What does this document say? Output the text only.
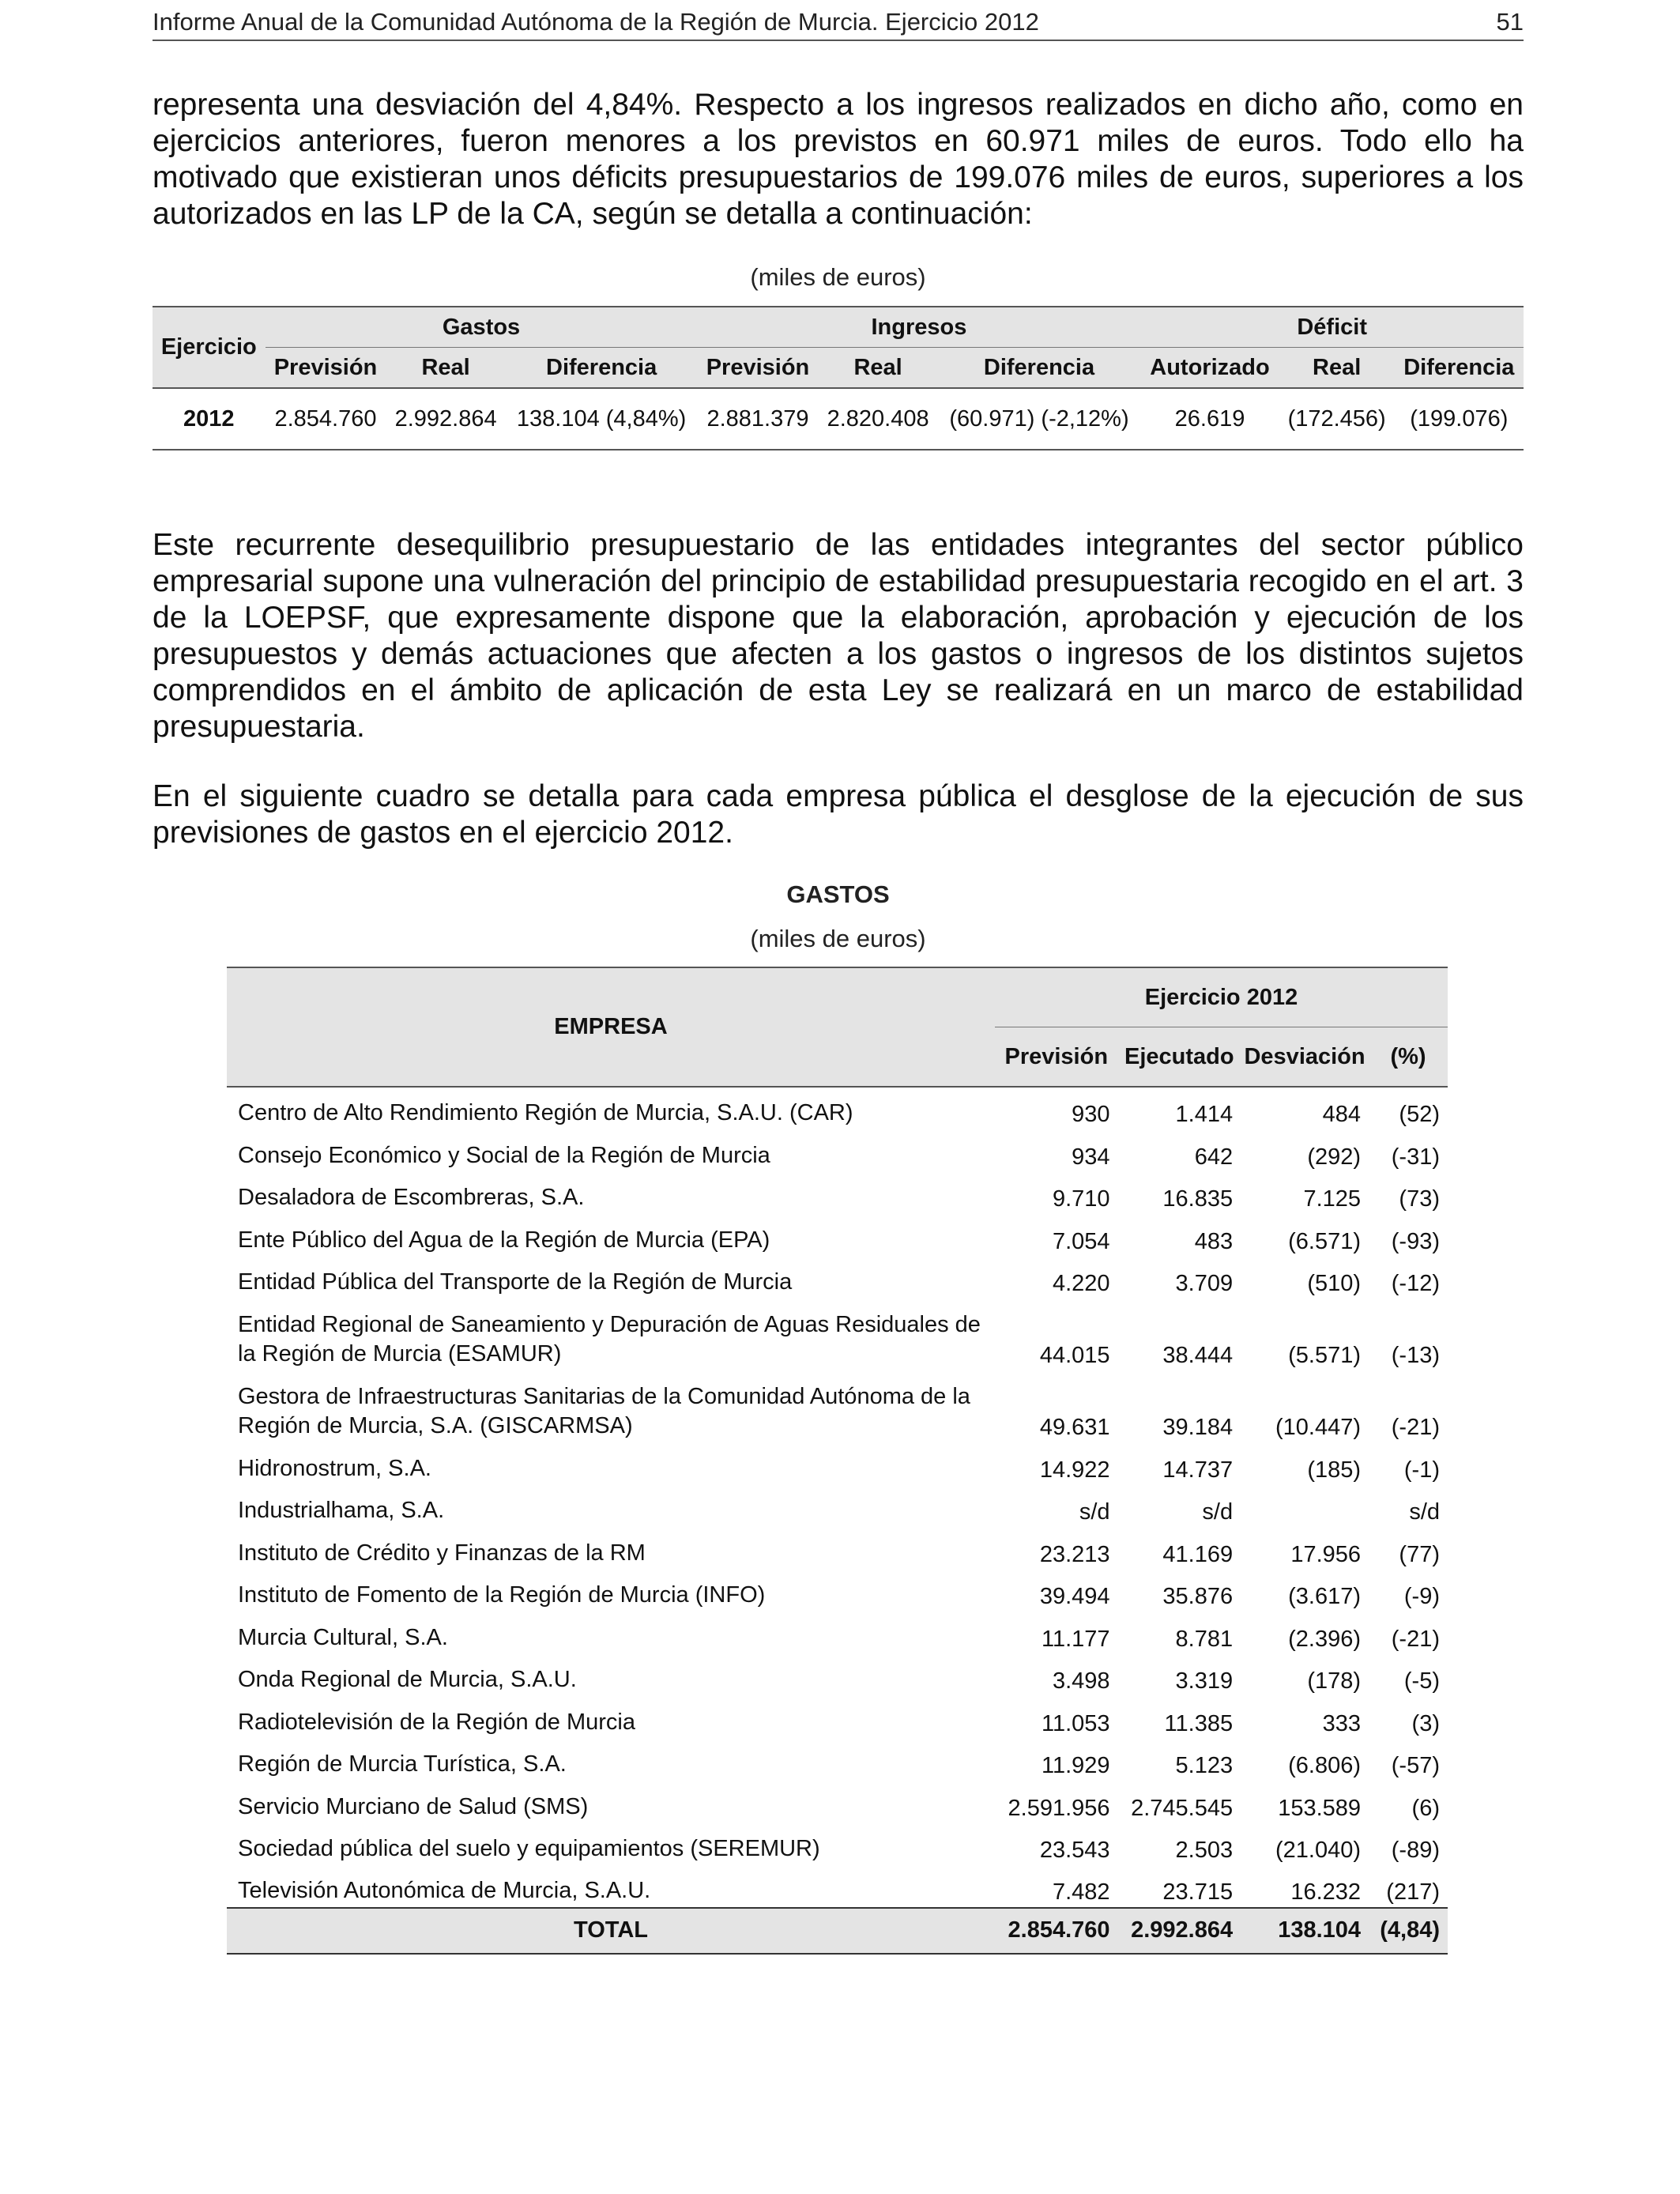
Informe Anual de la Comunidad Autónoma de la Región de Murcia. Ejercicio 2012	51

representa una desviación del 4,84%. Respecto a los ingresos realizados en dicho año, como en ejercicios anteriores, fueron menores a los previstos en 60.971 miles de euros. Todo ello ha motivado que existieran unos déficits presupuestarios de 199.076 miles de euros, superiores a los autorizados en las LP de la CA, según se detalla a continuación:

(miles de euros)
Ejercicio	Gastos			Ingresos			Déficit		
	Previsión	Real	Diferencia	Previsión	Real	Diferencia	Autorizado	Real	Diferencia
2012	2.854.760	2.992.864	138.104 (4,84%)	2.881.379	2.820.408	(60.971) (-2,12%)	26.619	(172.456)	(199.076)

Este recurrente desequilibrio presupuestario de las entidades integrantes del sector público empresarial supone una vulneración del principio de estabilidad presupuestaria recogido en el art. 3 de la LOEPSF, que expresamente dispone que la elaboración, aprobación y ejecución de los presupuestos y demás actuaciones que afecten a los gastos o ingresos de los distintos sujetos comprendidos en el ámbito de aplicación de esta Ley se realizará en un marco de estabilidad presupuestaria.

En el siguiente cuadro se detalla para cada empresa pública el desglose de la ejecución de sus previsiones de gastos en el ejercicio 2012.

GASTOS
(miles de euros)
EMPRESA	Ejercicio 2012			
	Previsión	Ejecutado	Desviación	(%)
Centro de Alto Rendimiento Región de Murcia, S.A.U. (CAR)	930	1.414	484	(52)
Consejo Económico y Social de la Región de Murcia	934	642	(292)	(-31)
Desaladora de Escombreras, S.A.	9.710	16.835	7.125	(73)
Ente Público del Agua de la Región de Murcia (EPA)	7.054	483	(6.571)	(-93)
Entidad Pública del Transporte de la Región de Murcia	4.220	3.709	(510)	(-12)
Entidad Regional de Saneamiento y Depuración de Aguas Residuales de la Región de Murcia (ESAMUR)	44.015	38.444	(5.571)	(-13)
Gestora de Infraestructuras Sanitarias de la Comunidad Autónoma de la Región de Murcia, S.A. (GISCARMSA)	49.631	39.184	(10.447)	(-21)
Hidronostrum, S.A.	14.922	14.737	(185)	(-1)
Industrialhama, S.A.	s/d	s/d		s/d
Instituto de Crédito y Finanzas de la RM	23.213	41.169	17.956	(77)
Instituto de Fomento de la Región de Murcia (INFO)	39.494	35.876	(3.617)	(-9)
Murcia Cultural, S.A.	11.177	8.781	(2.396)	(-21)
Onda Regional de Murcia, S.A.U.	3.498	3.319	(178)	(-5)
Radiotelevisión de la Región de Murcia	11.053	11.385	333	(3)
Región de Murcia Turística, S.A.	11.929	5.123	(6.806)	(-57)
Servicio Murciano de Salud (SMS)	2.591.956	2.745.545	153.589	(6)
Sociedad pública del suelo y equipamientos (SEREMUR)	23.543	2.503	(21.040)	(-89)
Televisión Autonómica de Murcia, S.A.U.	7.482	23.715	16.232	(217)
TOTAL	2.854.760	2.992.864	138.104	(4,84)
